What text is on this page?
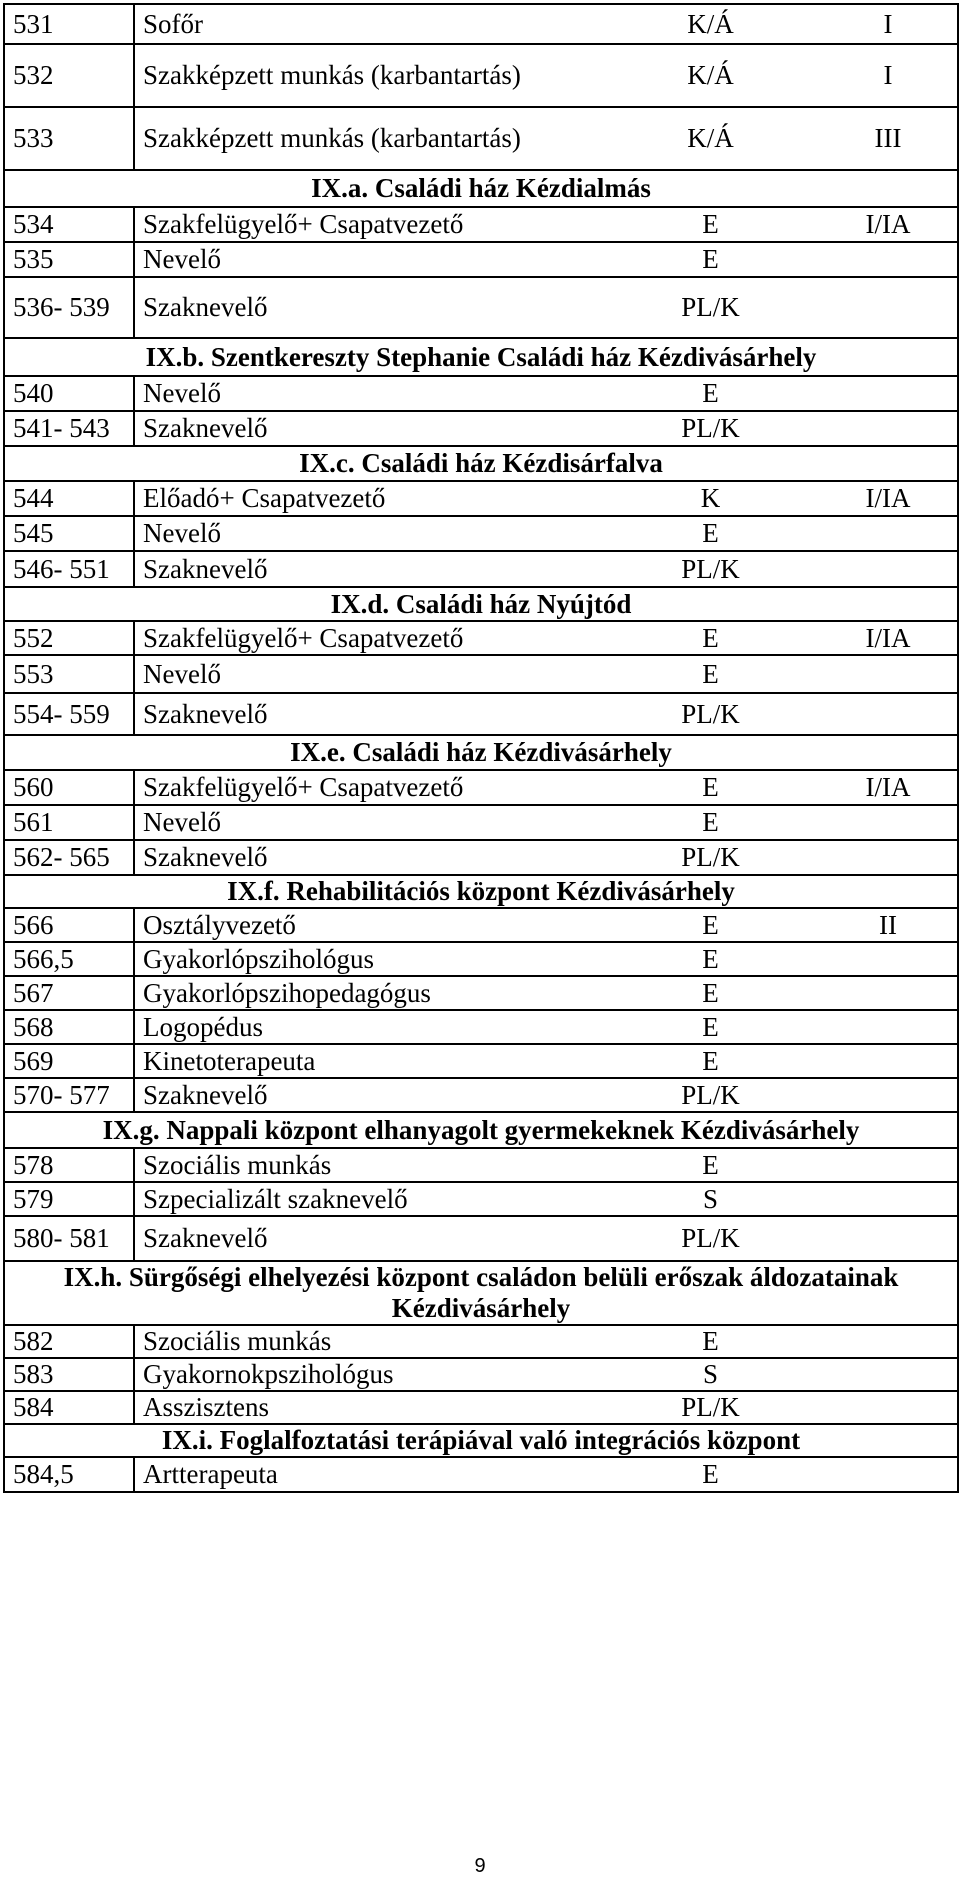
531	Sofőr	K/Á	I
532	Szakképzett munkás (karbantartás)	K/Á	I
533	Szakképzett munkás (karbantartás)	K/Á	III
IX.a. Családi ház Kézdialmás			
534	Szakfelügyelő+ Csapatvezető	E	I/IA
535	Nevelő	E	
536- 539	Szaknevelő	PL/K	
IX.b. Szentkereszty Stephanie Családi ház Kézdivásárhely			
540	Nevelő	E	
541- 543	Szaknevelő	PL/K	
IX.c. Családi ház Kézdisárfalva			
544	Előadó+ Csapatvezető	K	I/IA
545	Nevelő	E	
546- 551	Szaknevelő	PL/K	
IX.d. Családi ház Nyújtód			
552	Szakfelügyelő+ Csapatvezető	E	I/IA
553	Nevelő	E	
554- 559	Szaknevelő	PL/K	
IX.e. Családi ház Kézdivásárhely			
560	Szakfelügyelő+ Csapatvezető	E	I/IA
561	Nevelő	E	
562- 565	Szaknevelő	PL/K	
IX.f. Rehabilitációs központ Kézdivásárhely			
566	Osztályvezető	E	II
566,5	Gyakorlópszihológus	E	
567	Gyakorlópszihopedagógus	E	
568	Logopédus	E	
569	Kinetoterapeuta	E	
570- 577	Szaknevelő	PL/K	
IX.g. Nappali központ elhanyagolt gyermekeknek Kézdivásárhely			
578	Szociális munkás	E	
579	Szpecializált szaknevelő	S	
580- 581	Szaknevelő	PL/K	
IX.h. Sürgőségi elhelyezési központ családon belüli erőszak áldozatainak Kézdivásárhely			
582	Szociális munkás	E	
583	Gyakornokpszihológus	S	
584	Asszisztens	PL/K	
IX.i. Foglalfoztatási terápiával való integrációs központ			
584,5	Artterapeuta	E	
9
